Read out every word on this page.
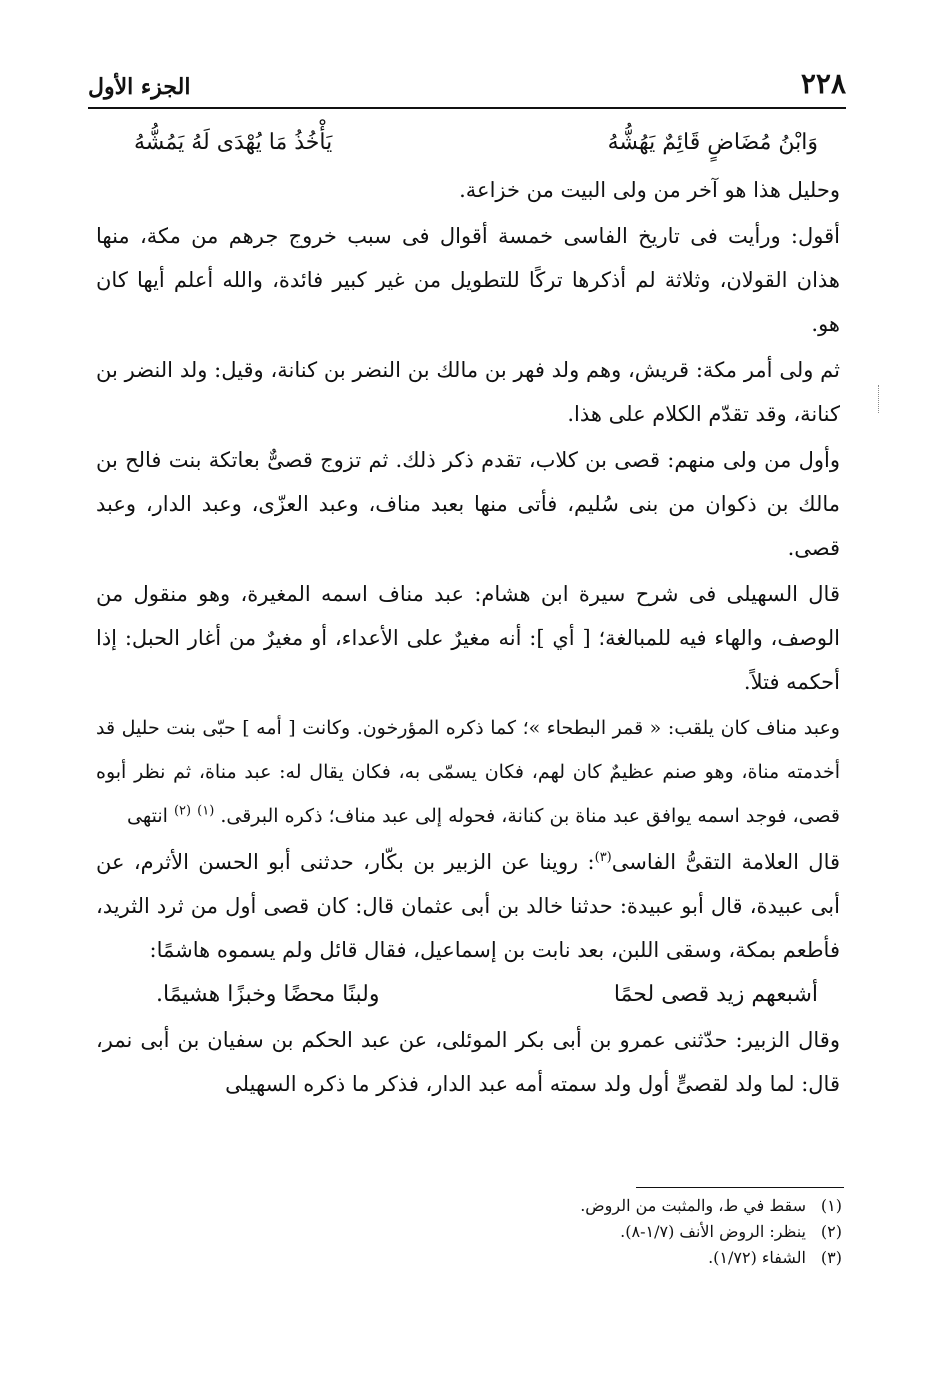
٢٢٨
الجزء الأول
وَابْنُ مُضَاضٍ قَائِمٌ يَهُشُّهُ
يَأْخُذُ مَا يُهْدَى لَهُ يَمُشُّهُ

وحليل هذا هو آخر من ولى البيت من خزاعة.

أقول: ورأيت فى تاريخ الفاسى خمسة أقوال فى سبب خروج جرهم من مكة، منها هذان القولان، وثلاثة لم أذكرها تركًا للتطويل من غير كبير فائدة، والله أعلم أيها كان هو.

ثم ولى أمر مكة: قريش، وهم ولد فهر بن مالك بن النضر بن كنانة، وقيل: ولد النضر بن كنانة، وقد تقدّم الكلام على هذا.

وأول من ولى منهم: قصى بن كلاب، تقدم ذكر ذلك. ثم تزوج قصىٌّ بعاتكة بنت فالح بن مالك بن ذكوان من بنى سُليم، فأتى منها بعبد مناف، وعبد العزّى، وعبد الدار، وعبد قصى.

قال السهيلى فى شرح سيرة ابن هشام: عبد مناف اسمه المغيرة، وهو منقول من الوصف، والهاء فيه للمبالغة؛ [ أي ]: أنه مغيرٌ على الأعداء، أو مغيرٌ من أغار الحبل: إذا أحكمه فتلاً.

وعبد مناف كان يلقب: « قمر البطحاء »؛ كما ذكره المؤرخون. وكانت [ أمه ] حبّى بنت حليل قد أخدمته مناة، وهو صنم عظيمٌ كان لهم، فكان يسمّى به، فكان يقال له: عبد مناة، ثم نظر أبوه قصى، فوجد اسمه يوافق عبد مناة بن كنانة، فحوله إلى عبد مناف؛ ذكره البرقى. $^{(١)}$ $^{(٢)}$ انتهى

قال العلامة التقىُّ الفاسى$^{(٣)}$: روينا عن الزبير بن بكّار، حدثنى أبو الحسن الأثرم، عن أبى عبيدة، قال أبو عبيدة: حدثنا خالد بن أبى عثمان قال: كان قصى أول من ثرد الثريد، فأطعم بمكة، وسقى اللبن، بعد نابت بن إسماعيل، فقال قائل ولم يسموه هاشمًا:

أشبعهم زيد قصى لحمًا
ولبنًا محضًا وخبزًا هشيمًا.

وقال الزبير: حدّثنى عمرو بن أبى بكر الموئلى، عن عبد الحكم بن سفيان بن أبى نمر، قال: لما ولد لقصىٍّ أول ولد سمته أمه عبد الدار، فذكر ما ذكره السهيلى

(١)
سقط في ط، والمثبت من الروض.
(٢)
ينظر: الروض الأنف (١/٧-٨).
(٣)
الشفاء (١/٧٢).
